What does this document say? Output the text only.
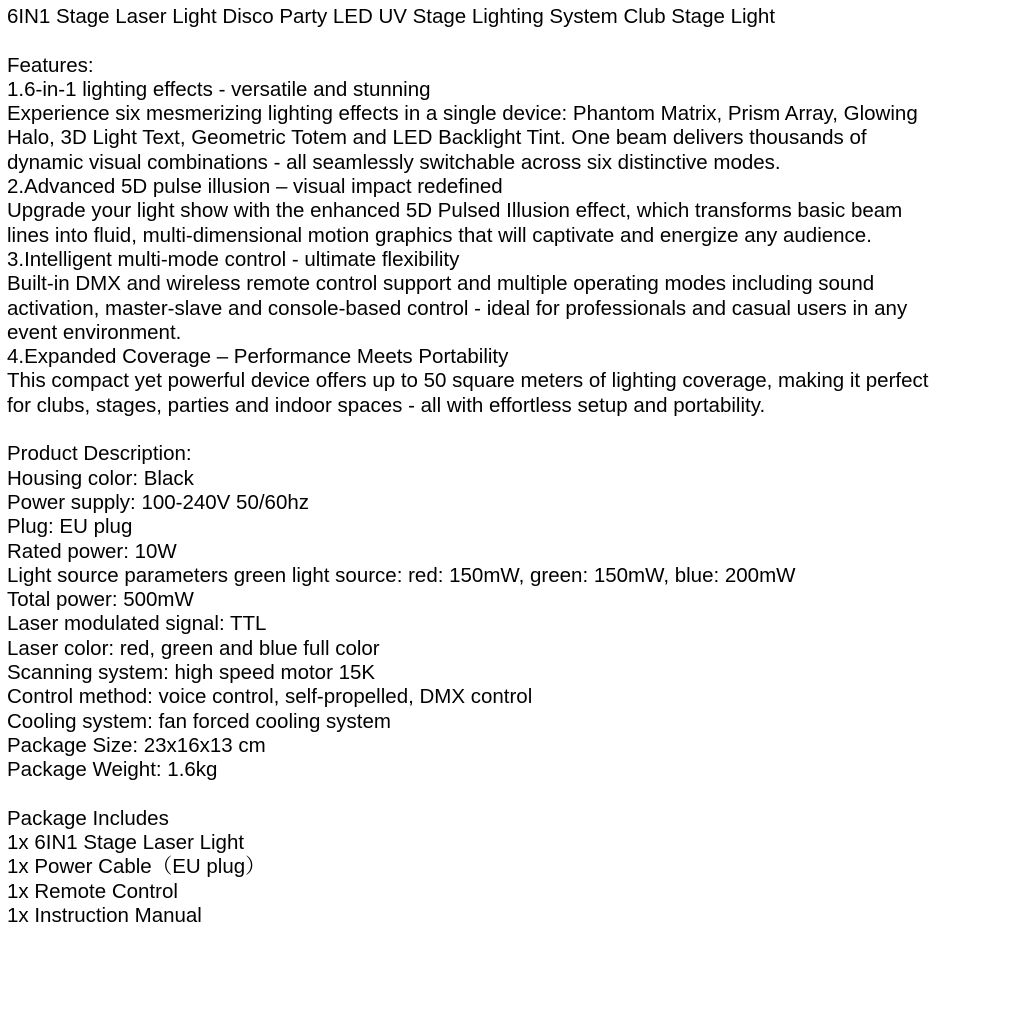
6IN1 Stage Laser Light Disco Party LED UV Stage Lighting System Club Stage Light
Features:
1.6-in-1 lighting effects - versatile and stunning
Experience six mesmerizing lighting effects in a single device: Phantom Matrix, Prism Array, Glowing
Halo, 3D Light Text, Geometric Totem and LED Backlight Tint. One beam delivers thousands of
dynamic visual combinations - all seamlessly switchable across six distinctive modes.
2.Advanced 5D pulse illusion – visual impact redefined
Upgrade your light show with the enhanced 5D Pulsed Illusion effect, which transforms basic beam
lines into fluid, multi-dimensional motion graphics that will captivate and energize any audience.
3.Intelligent multi-mode control - ultimate flexibility
Built-in DMX and wireless remote control support and multiple operating modes including sound
activation, master-slave and console-based control - ideal for professionals and casual users in any
event environment.
4.Expanded Coverage – Performance Meets Portability
This compact yet powerful device offers up to 50 square meters of lighting coverage, making it perfect
for clubs, stages, parties and indoor spaces - all with effortless setup and portability.
Product Description:
Housing color: Black
Power supply: 100-240V 50/60hz
Plug: EU plug
Rated power: 10W
Light source parameters green light source: red: 150mW, green: 150mW, blue: 200mW
Total power: 500mW
Laser modulated signal: TTL
Laser color: red, green and blue full color
Scanning system: high speed motor 15K
Control method: voice control, self-propelled, DMX control
Cooling system: fan forced cooling system
Package Size: 23x16x13 cm
Package Weight: 1.6kg
Package Includes
1x 6IN1 Stage Laser Light
1x Power Cable（EU plug）
1x Remote Control
1x Instruction Manual
